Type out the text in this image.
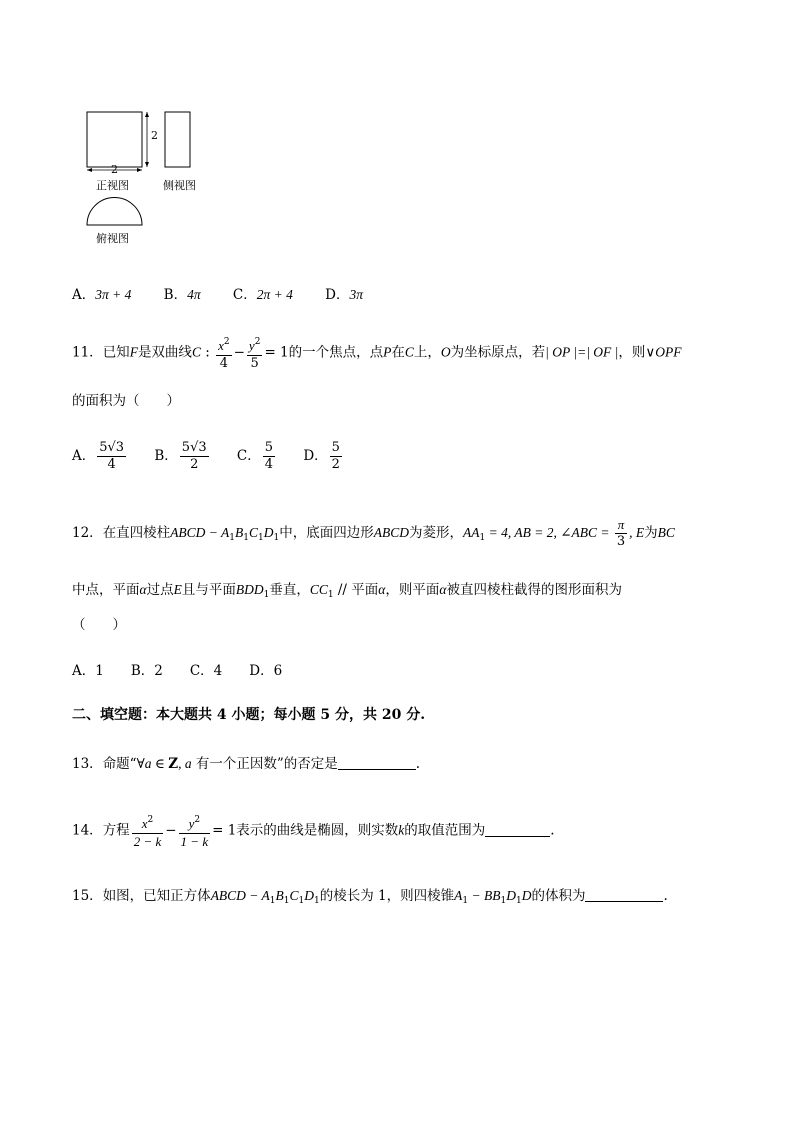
2
2
正视图	侧视图
俯视图
A．3π + 4 B．4π C．2π + 4 D．3π
11．已知F是双曲线C : $\frac{x^2}{4} - \frac{y^2}{5} = 1$的一个焦点，点P在C上，O为坐标原点，若| OP |=| OF |，则∨OPF
的面积为（　　）
A． $\frac{5√3}{4}$ B． $\frac{5√3}{2}$ C． $\frac{5}{4}$ D． $\frac{5}{2}$
12．在直四棱柱ABCD − $A_1B_1C_1D_1$中，底面四边形ABCD为菱形，$AA_1 = 4$, AB = 2, ∠ABC = $\frac{\pi}{3}$ , E为BC
中点，平面α过点E且与平面$BDD_1$垂直，$CC_1$ // 平面α，则平面α被直四棱柱截得的图形面积为
（　　）
A．1　　B．2　　C．4　　D．6
二、填空题：本大题共 4 小题；每小题 5 分，共 20 分.
13．命题“∀a ∈ Z, a 有一个正因数”的否定是	.
14．方程 $\frac{x^2}{2 - k} - \frac{y^2}{1 - k} = 1$表示的曲线是椭圆，则实数k的取值范围为	.
15．如图，已知正方体ABCD − $A_1B_1C_1D_1$的棱长为 1，则四棱锥$A_1 - BB_1D_1D$的体积为	.
